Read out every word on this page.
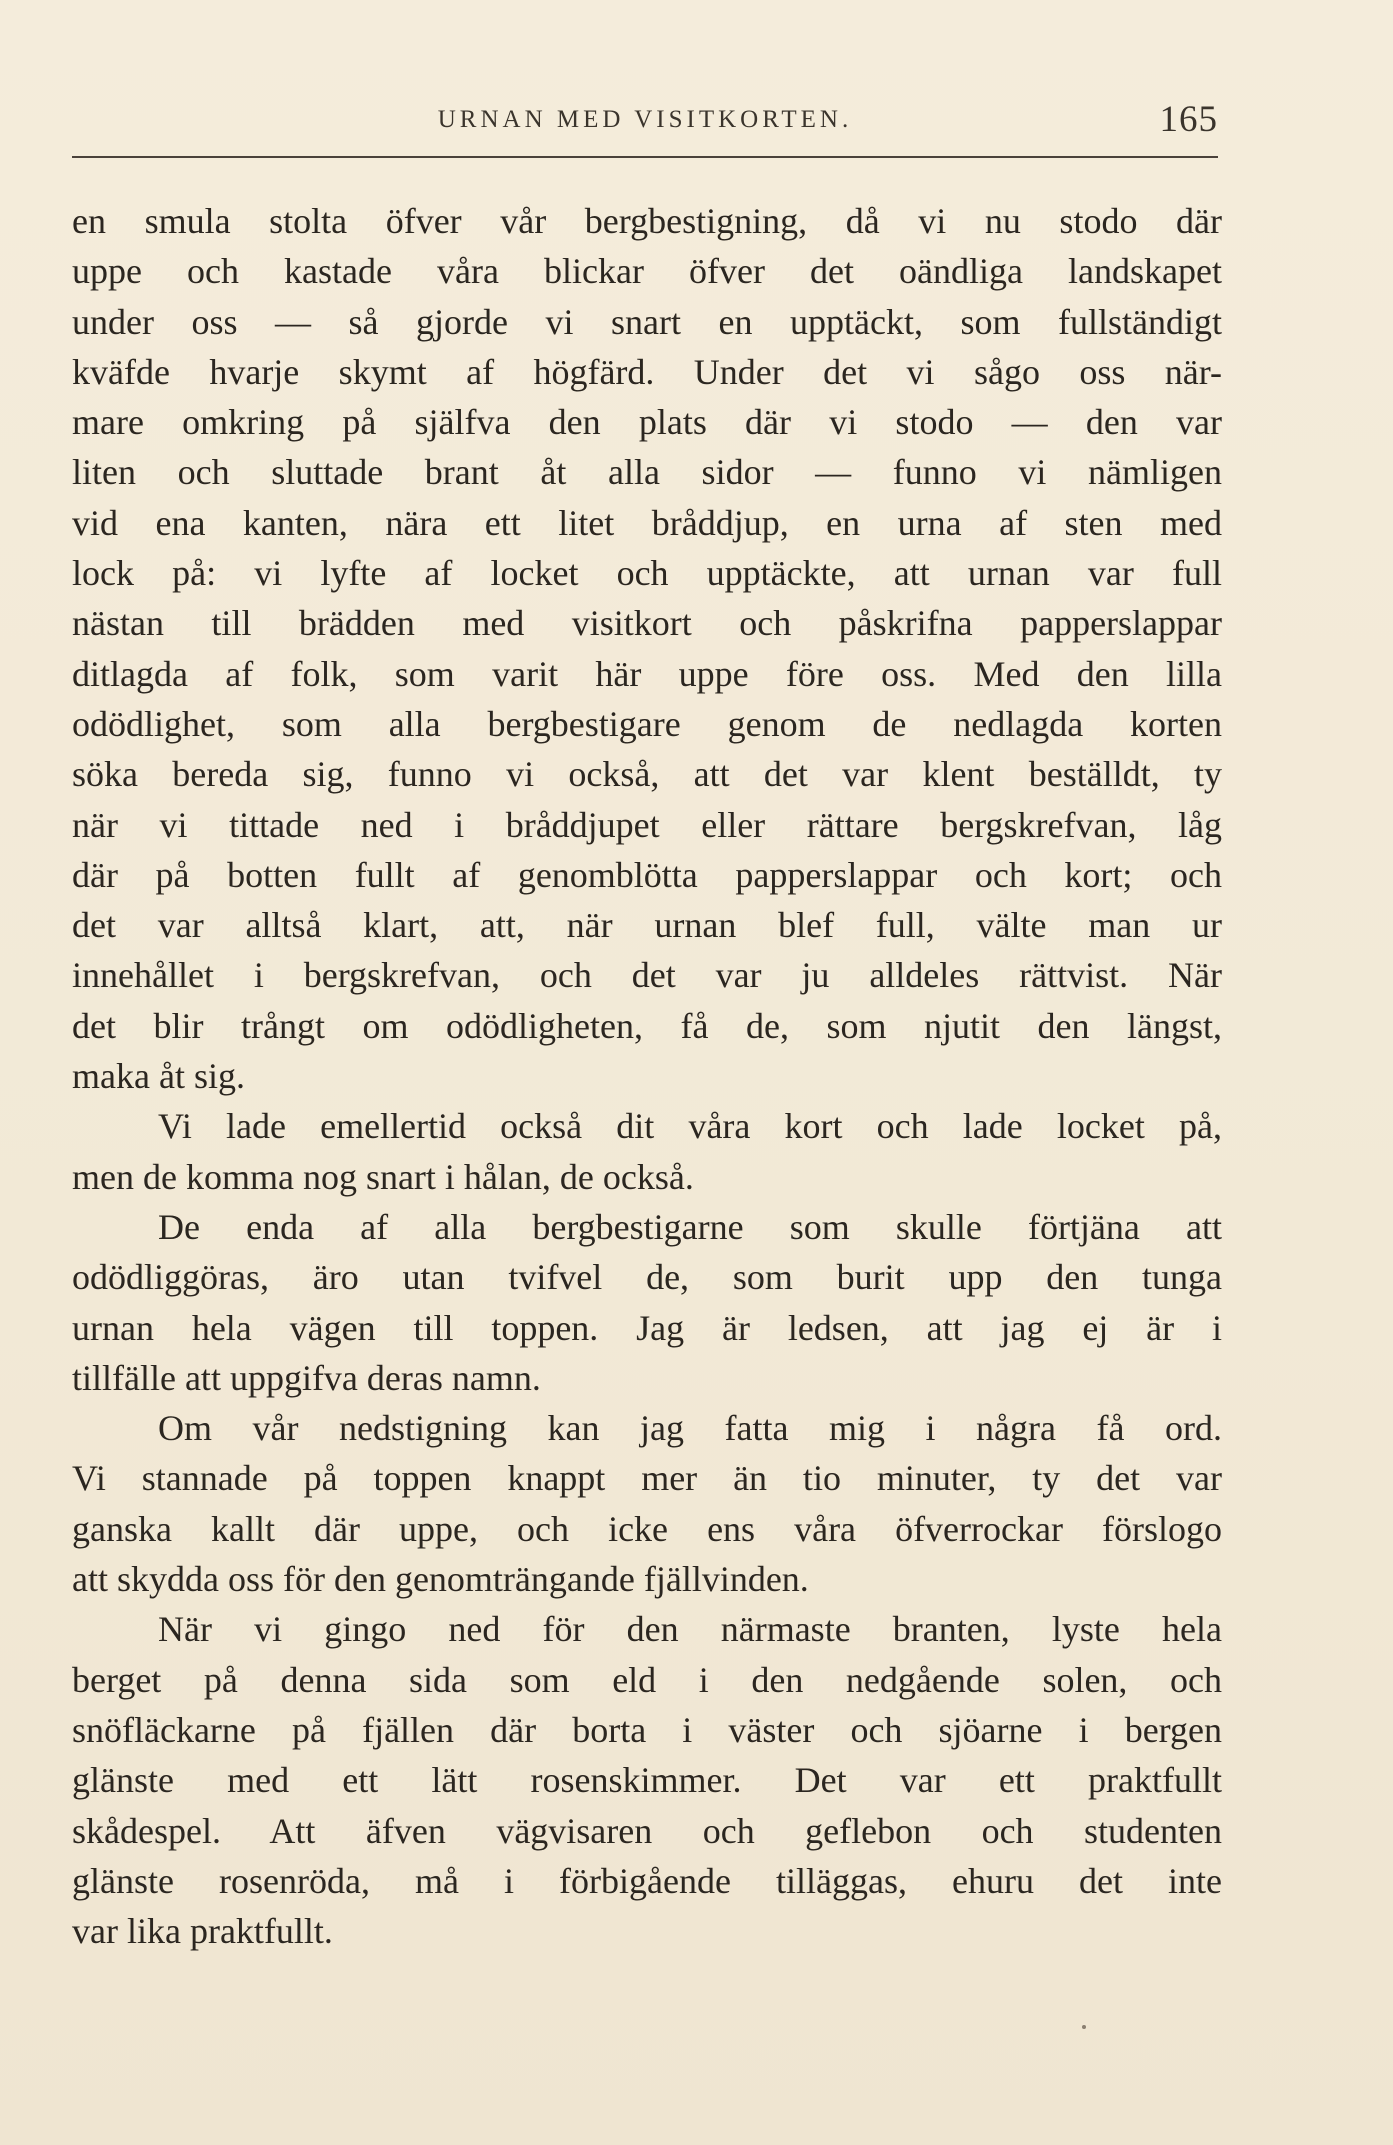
URNAN MED VISITKORTEN.	165
en smula stolta öfver vår bergbestigning, då vi nu stodo där
uppe och kastade våra blickar öfver det oändliga landskapet
under oss — så gjorde vi snart en upptäckt, som fullständigt
kväfde hvarje skymt af högfärd. Under det vi sågo oss när-
mare omkring på själfva den plats där vi stodo — den var
liten och sluttade brant åt alla sidor — funno vi nämligen
vid ena kanten, nära ett litet bråddjup, en urna af sten med
lock på: vi lyfte af locket och upptäckte, att urnan var full
nästan till brädden med visitkort och påskrifna papperslappar
ditlagda af folk, som varit här uppe före oss. Med den lilla
odödlighet, som alla bergbestigare genom de nedlagda korten
söka bereda sig, funno vi också, att det var klent beställdt, ty
när vi tittade ned i bråddjupet eller rättare bergskrefvan, låg
där på botten fullt af genomblötta papperslappar och kort; och
det var alltså klart, att, när urnan blef full, välte man ur
innehållet i bergskrefvan, och det var ju alldeles rättvist. När
det blir trångt om odödligheten, få de, som njutit den längst,
maka åt sig.
Vi lade emellertid också dit våra kort och lade locket på,
men de komma nog snart i hålan, de också.
De enda af alla bergbestigarne som skulle förtjäna att
odödliggöras, äro utan tvifvel de, som burit upp den tunga
urnan hela vägen till toppen. Jag är ledsen, att jag ej är i
tillfälle att uppgifva deras namn.
Om vår nedstigning kan jag fatta mig i några få ord.
Vi stannade på toppen knappt mer än tio minuter, ty det var
ganska kallt där uppe, och icke ens våra öfverrockar förslogo
att skydda oss för den genomträngande fjällvinden.
När vi gingo ned för den närmaste branten, lyste hela
berget på denna sida som eld i den nedgående solen, och
snöfläckarne på fjällen där borta i väster och sjöarne i bergen
glänste med ett lätt rosenskimmer. Det var ett praktfullt
skådespel. Att äfven vägvisaren och geflebon och studenten
glänste rosenröda, må i förbigående tilläggas, ehuru det inte
var lika praktfullt.
